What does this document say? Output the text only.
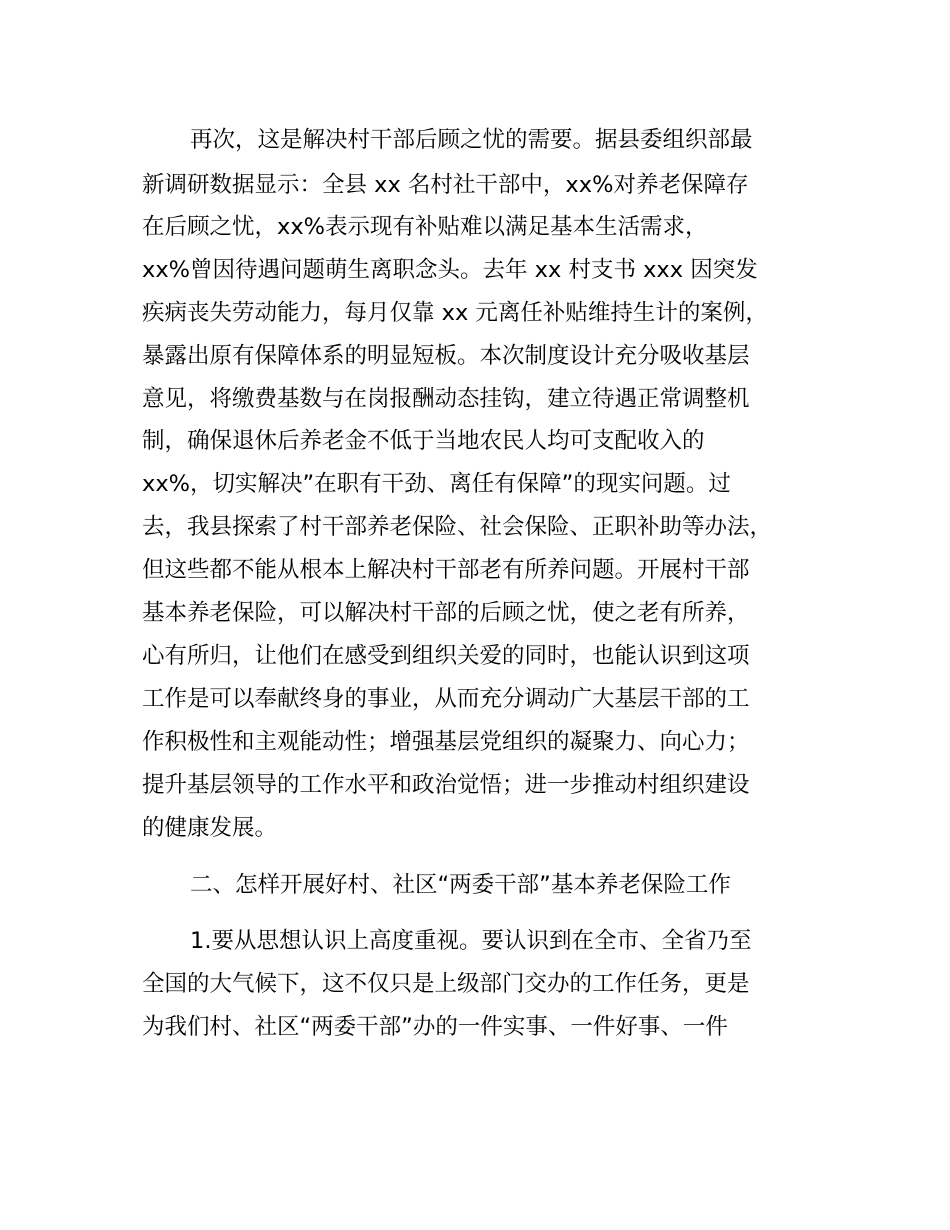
再次，这是解决村干部后顾之忧的需要。据县委组织部最
新调研数据显示：全县 xx 名村社干部中，xx%对养老保障存
在后顾之忧，xx%表示现有补贴难以满足基本生活需求，
xx%曾因待遇问题萌生离职念头。去年 xx 村支书 xxx 因突发
疾病丧失劳动能力，每月仅靠 xx 元离任补贴维持生计的案例，
暴露出原有保障体系的明显短板。本次制度设计充分吸收基层
意见，将缴费基数与在岗报酬动态挂钩，建立待遇正常调整机
制，确保退休后养老金不低于当地农民人均可支配收入的
xx%，切实解决”在职有干劲、离任有保障”的现实问题。过
去，我县探索了村干部养老保险、社会保险、正职补助等办法，
但这些都不能从根本上解决村干部老有所养问题。开展村干部
基本养老保险，可以解决村干部的后顾之忧，使之老有所养，
心有所归，让他们在感受到组织关爱的同时，也能认识到这项
工作是可以奉献终身的事业，从而充分调动广大基层干部的工
作积极性和主观能动性；增强基层党组织的凝聚力、向心力；
提升基层领导的工作水平和政治觉悟；进一步推动村组织建设
的健康发展。
二、怎样开展好村、社区“两委干部”基本养老保险工作
1.要从思想认识上高度重视。要认识到在全市、全省乃至
全国的大气候下，这不仅只是上级部门交办的工作任务，更是
为我们村、社区“两委干部”办的一件实事、一件好事、一件
